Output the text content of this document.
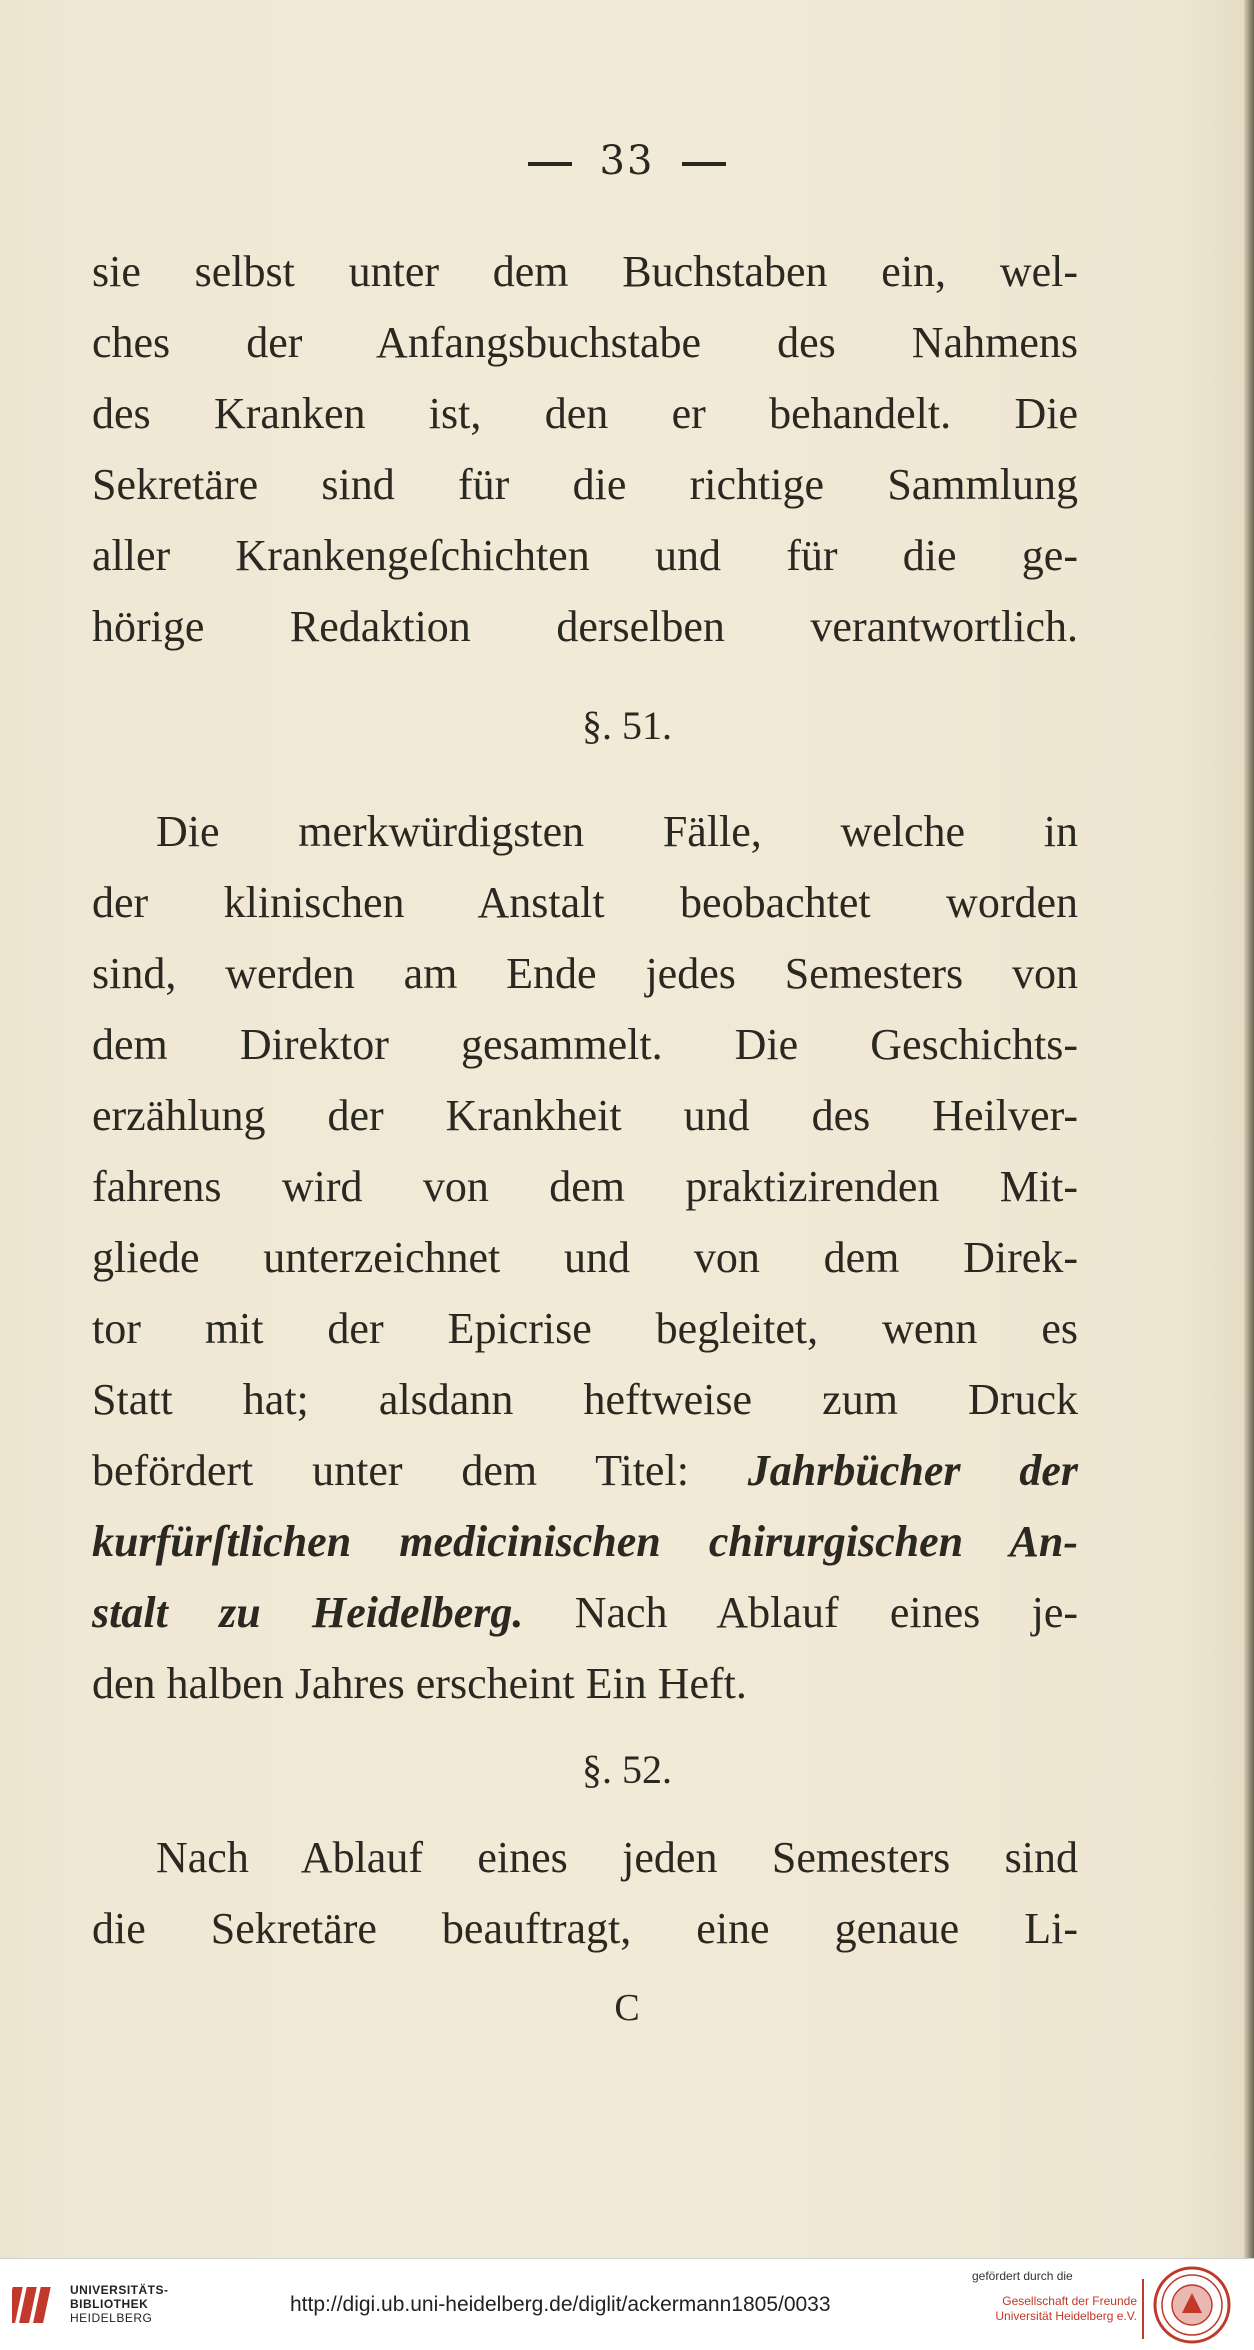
33
sie selbst unter dem Buchstaben ein, wel-
ches der Anfangsbuchstabe des Nahmens
des Kranken ist, den er behandelt. Die
Sekretäre sind für die richtige Sammlung
aller Krankengeſchichten und für die ge-
hörige Redaktion derselben verantwortlich.
§. 51.
Die merkwürdigsten Fälle, welche in
der klinischen Anstalt beobachtet worden
sind, werden am Ende jedes Semesters von
dem Direktor gesammelt. Die Geschichts-
erzählung der Krankheit und des Heilver-
fahrens wird von dem praktizirenden Mit-
gliede unterzeichnet und von dem Direk-
tor mit der Epicrise begleitet, wenn es
Statt hat; alsdann heftweise zum Druck
befördert unter dem Titel: Jahrbücher der
kurfürſtlichen medicinischen chirurgischen An-
stalt zu Heidelberg. Nach Ablauf eines je-
den halben Jahres erscheint Ein Heft.
§. 52.
Nach Ablauf eines jeden Semesters sind
die Sekretäre beauftragt, eine genaue Li-
C
UNIVERSITÄTS-
BIBLIOTHEK
HEIDELBERG
http://digi.ub.uni-heidelberg.de/diglit/ackermann1805/0033
gefördert durch die
Gesellschaft der Freunde
Universität Heidelberg e.V.
